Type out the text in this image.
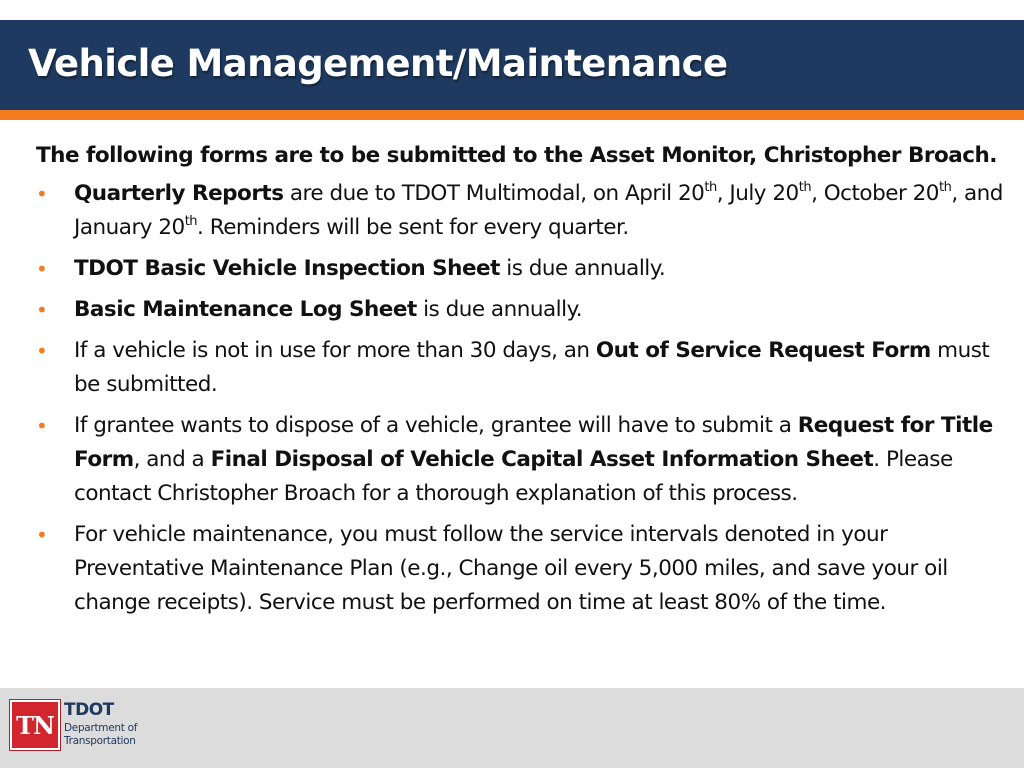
Vehicle Management/Maintenance

The following forms are to be submitted to the Asset Monitor, Christopher Broach.

• Quarterly Reports are due to TDOT Multimodal, on April 20th, July 20th, October 20th, and January 20th. Reminders will be sent for every quarter.
• TDOT Basic Vehicle Inspection Sheet is due annually.
• Basic Maintenance Log Sheet is due annually.
• If a vehicle is not in use for more than 30 days, an Out of Service Request Form must be submitted.
• If grantee wants to dispose of a vehicle, grantee will have to submit a Request for Title Form, and a Final Disposal of Vehicle Capital Asset Information Sheet. Please contact Christopher Broach for a thorough explanation of this process.
• For vehicle maintenance, you must follow the service intervals denoted in your Preventative Maintenance Plan (e.g., Change oil every 5,000 miles, and save your oil change receipts). Service must be performed on time at least 80% of the time.
TN
TDOT
Department of Transportation
